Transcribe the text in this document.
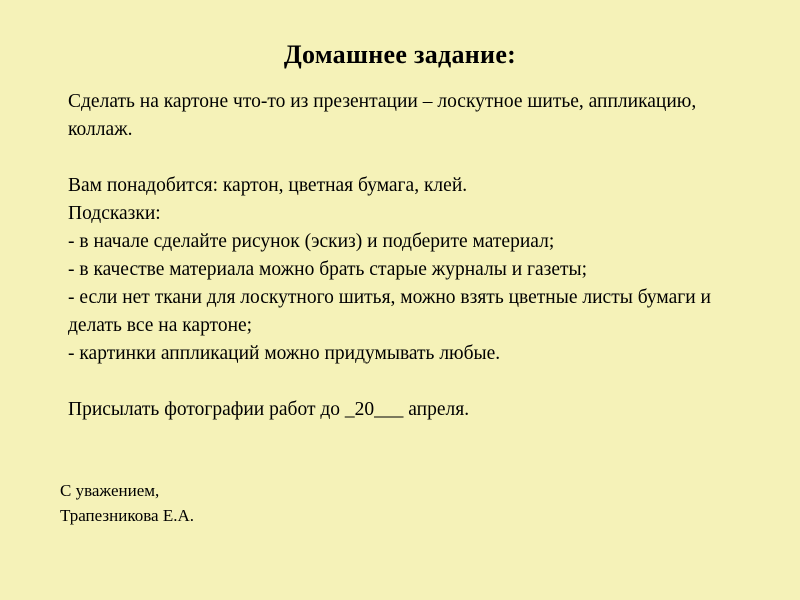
Домашнее задание:

Сделать на картоне что-то из презентации – лоскутное шитье, аппликацию, коллаж.

Вам понадобится: картон, цветная бумага, клей.

Подсказки:

- в начале сделайте рисунок (эскиз) и подберите материал;

- в качестве материала можно брать старые журналы и газеты;

- если нет ткани для лоскутного шитья, можно взять цветные листы бумаги и делать все на картоне;

- картинки аппликаций можно придумывать любые.

Присылать фотографии работ до _20___ апреля.

С уважением,

Трапезникова Е.А.
